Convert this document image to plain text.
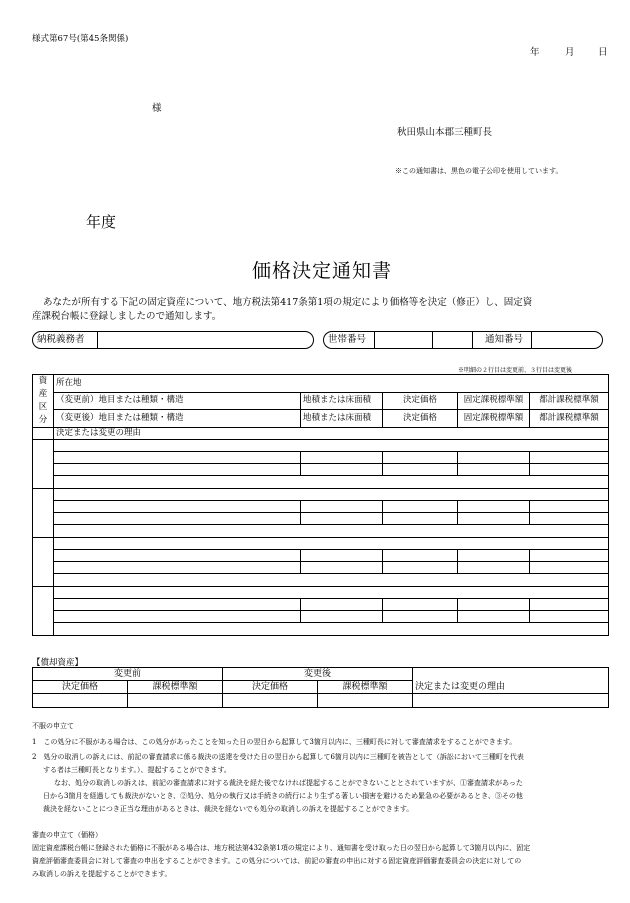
様式第67号(第45条関係)
年	月 日
様
秋田県山本郡三種町長
※この通知書は、黒色の電子公印を使用しています。
年度
価格決定通知書
あなたが所有する下記の固定資産について、地方税法第417条第1項の規定により価格等を決定（修正）し、固定資
産課税台帳に登録しましたので通知します。
納税義務者	世帯番号	通知番号
※明細の２行目は変更前、３行目は変更後
資産
区分	所在地				
	（変更前）地目または種類・構造	地積または床面積	決定価格	固定課税標準額	都計課税標準額
	（変更後）地目または種類・構造	地積または床面積	決定価格	固定課税標準額	都計課税標準額
	決定または変更の理由				

【償却資産】
変更前		変更後		
決定価格	課税標準額	決定価格	課税標準額	決定または変更の理由

不服の申立て
1　この処分に不服がある場合は、この処分があったことを知った日の翌日から起算して3箇月以内に、三種町長に対して審査請求をすることができます。
2　処分の取消しの訴えには、前記の審査請求に係る裁決の送達を受けた日の翌日から起算して6箇月以内に三種町を被告として（訴訟において三種町を代表
する者は三種町長となります。）、提起することができます。
なお、処分の取消しの訴えは、前記の審査請求に対する裁決を経た後でなければ提起することができないこととされていますが、①審査請求があった
日から3箇月を経過しても裁決がないとき、②処分、処分の執行又は手続きの続行により生ずる著しい損害を避けるため緊急の必要があるとき、③その他
裁決を経ないことにつき正当な理由があるときは、裁決を経ないでも処分の取消しの訴えを提起することができます。
審査の申立て（価格）
固定資産課税台帳に登録された価格に不服がある場合は、地方税法第432条第1項の規定により、通知書を受け取った日の翌日から起算して3箇月以内に、固定
資産評価審査委員会に対して審査の申出をすることができます。この処分については、前記の審査の申出に対する固定資産評価審査委員会の決定に対しての
み取消しの訴えを提起することができます。
